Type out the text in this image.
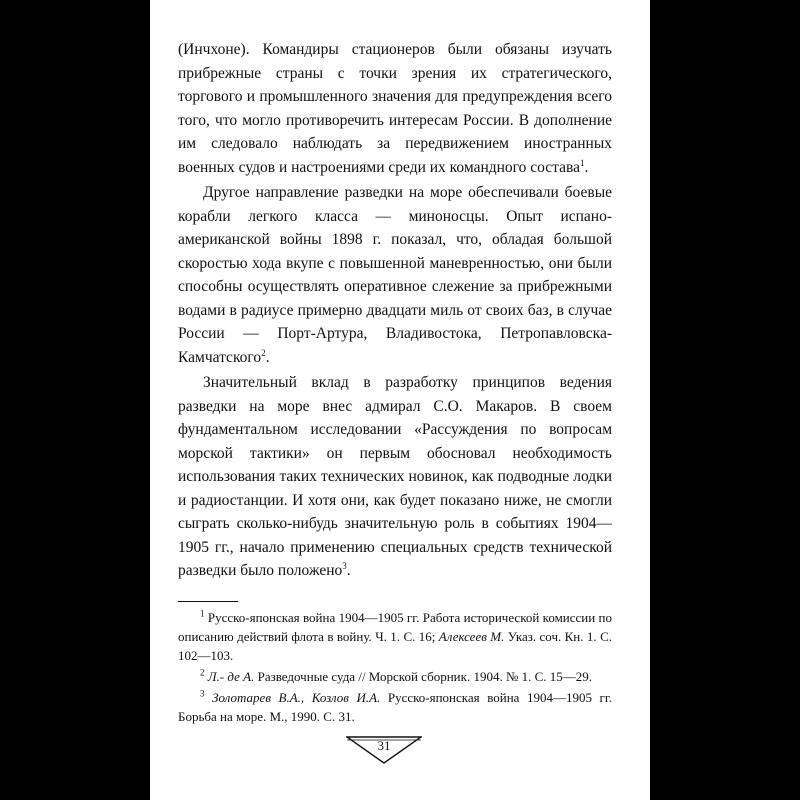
(Инчхоне). Командиры стационеров были обязаны изучать прибрежные страны с точки зрения их стратегического, торгового и промышленного значения для предупреждения всего того, что могло противоречить интересам России. В дополнение им следовало наблюдать за передвижением иностранных военных судов и настроениями среди их командного состава$^1$.

Другое направление разведки на море обеспечивали боевые корабли легкого класса — миноносцы. Опыт испано-американской войны 1898 г. показал, что, обладая большой скоростью хода вкупе с повышенной маневренностью, они были способны осуществлять оперативное слежение за прибрежными водами в радиусе примерно двадцати миль от своих баз, в случае России — Порт-Артура, Владивостока, Петропавловска-Камчатского$^2$.

Значительный вклад в разработку принципов ведения разведки на море внес адмирал С.О. Макаров. В своем фундаментальном исследовании «Рассуждения по вопросам морской тактики» он первым обосновал необходимость использования таких технических новинок, как подводные лодки и радиостанции. И хотя они, как будет показано ниже, не смогли сыграть сколько-нибудь значительную роль в событиях 1904—1905 гг., начало применению специальных средств технической разведки было положено$^3$.

$^1$ Русско-японская война 1904—1905 гг. Работа исторической комиссии по описанию действий флота в войну. Ч. 1. С. 16; Алексеев М. Указ. соч. Кн. 1. С. 102—103.

$^2$ Л.- де А. Разведочные суда // Морской сборник. 1904. № 1. С. 15—29.

$^3$ Золотарев В.А., Козлов И.А. Русско-японская война 1904—1905 гг. Борьба на море. М., 1990. С. 31.

31
